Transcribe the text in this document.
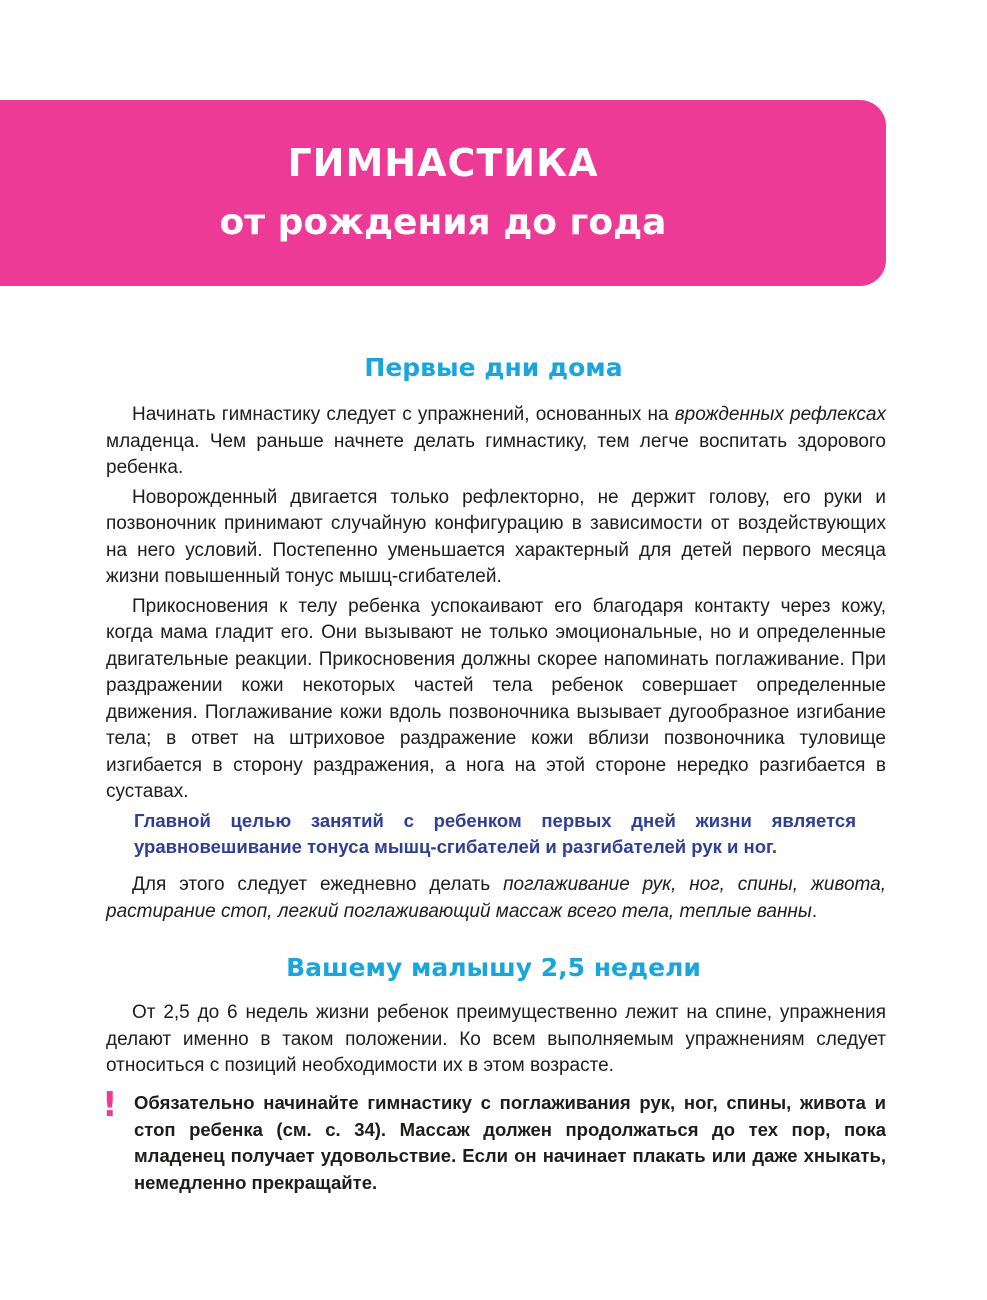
ГИМНАСТИКА
от рождения до года
Первые дни дома

Начинать гимнастику следует с упражнений, основанных на врожденных рефлексах младенца. Чем раньше начнете делать гимнастику, тем легче воспитать здорового ребенка.

Новорожденный двигается только рефлекторно, не держит голову, его руки и позвоночник принимают случайную конфигурацию в зависимости от воздействующих на него условий. Постепенно уменьшается характерный для детей первого месяца жизни повышенный тонус мышц-сгибателей.

Прикосновения к телу ребенка успокаивают его благодаря контакту через кожу, когда мама гладит его. Они вызывают не только эмоциональные, но и определенные двигательные реакции. Прикосновения должны скорее напоминать поглаживание. При раздражении кожи некоторых частей тела ребенок совершает определенные движения. Поглаживание кожи вдоль позвоночника вызывает дугообразное изгибание тела; в ответ на штриховое раздражение кожи вблизи позвоночника туловище изгибается в сторону раздражения, а нога на этой стороне нередко разгибается в суставах.

Главной целью занятий с ребенком первых дней жизни является уравновешивание тонуса мышц-сгибателей и разгибателей рук и ног.

Для этого следует ежедневно делать поглаживание рук, ног, спины, живота, растирание стоп, легкий поглаживающий массаж всего тела, теплые ванны.

Вашему малышу 2,5 недели

От 2,5 до 6 недель жизни ребенок преимущественно лежит на спине, упражнения делают именно в таком положении. Ко всем выполняемым упражнениям следует относиться с позиций необходимости их в этом возрасте.

! Обязательно начинайте гимнастику с поглаживания рук, ног, спины, живота и стоп ребенка (см. с. 34). Массаж должен продолжаться до тех пор, пока младенец получает удовольствие. Если он начинает плакать или даже хныкать, немедленно прекращайте.
